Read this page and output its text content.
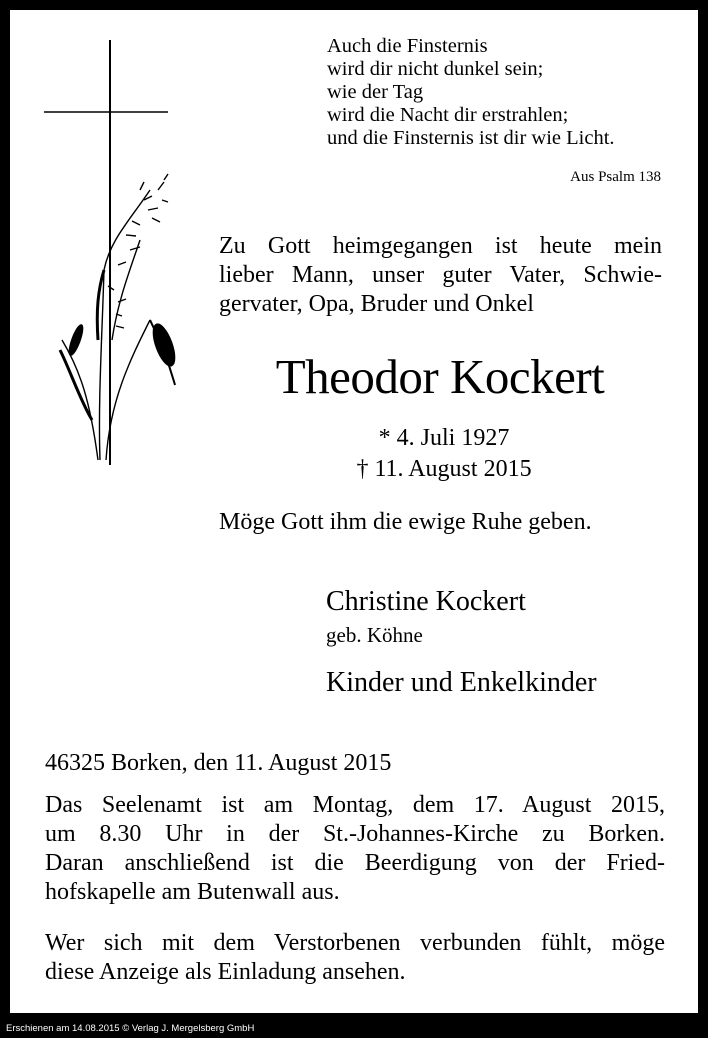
Auch die Finsternis
wird dir nicht dunkel sein;
wie der Tag
wird die Nacht dir erstrahlen;
und die Finsternis ist dir wie Licht.
Aus Psalm 138
Zu Gott heimgegangen ist heute mein
lieber Mann, unser guter Vater, Schwie-
gervater, Opa, Bruder und Onkel
Theodor Kockert
* 4. Juli 1927
† 11. August 2015
Möge Gott ihm die ewige Ruhe geben.
Christine Kockert
geb. Köhne
Kinder und Enkelkinder
46325 Borken, den 11. August 2015
Das Seelenamt ist am Montag, dem 17. August 2015,
um 8.30 Uhr in der St.-Johannes-Kirche zu Borken.
Daran anschließend ist die Beerdigung von der Fried-
hofskapelle am Butenwall aus.
Wer sich mit dem Verstorbenen verbunden fühlt, möge
diese Anzeige als Einladung ansehen.
Erschienen am 14.08.2015 © Verlag J. Mergelsberg GmbH
